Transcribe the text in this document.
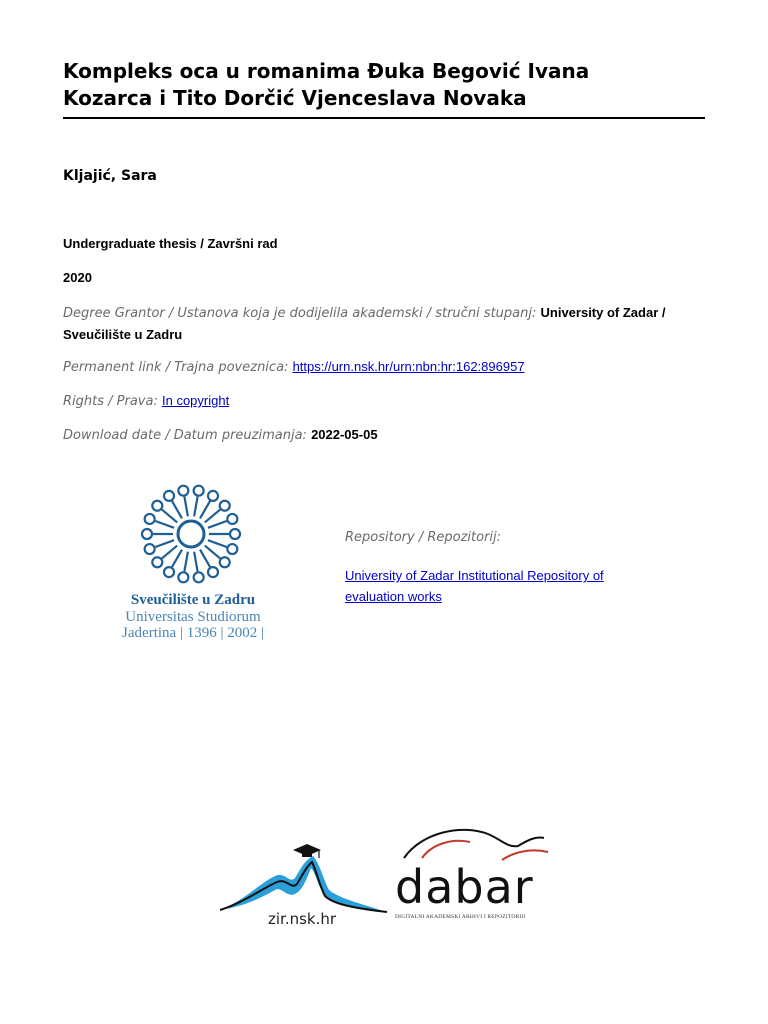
Kompleks oca u romanima Đuka Begović Ivana
Kozarca i Tito Dorčić Vjenceslava Novaka
Kljajić, Sara
Undergraduate thesis / Završni rad
2020
Degree Grantor / Ustanova koja je dodijelila akademski / stručni stupanj: University of Zadar / Sveučilište u Zadru
Permanent link / Trajna poveznica: https://urn.nsk.hr/urn:nbn:hr:162:896957
Rights / Prava: In copyright
Download date / Datum preuzimanja: 2022-05-05
Sveučilište u Zadru
Universitas Studiorum
Jadertina | 1396 | 2002 |
Repository / Repozitorij:
University of Zadar Institutional Repository of evaluation works
zir.nsk.hr
dabar
DIGITALNI AKADEMSKI ARHIVI I REPOZITORIJI
